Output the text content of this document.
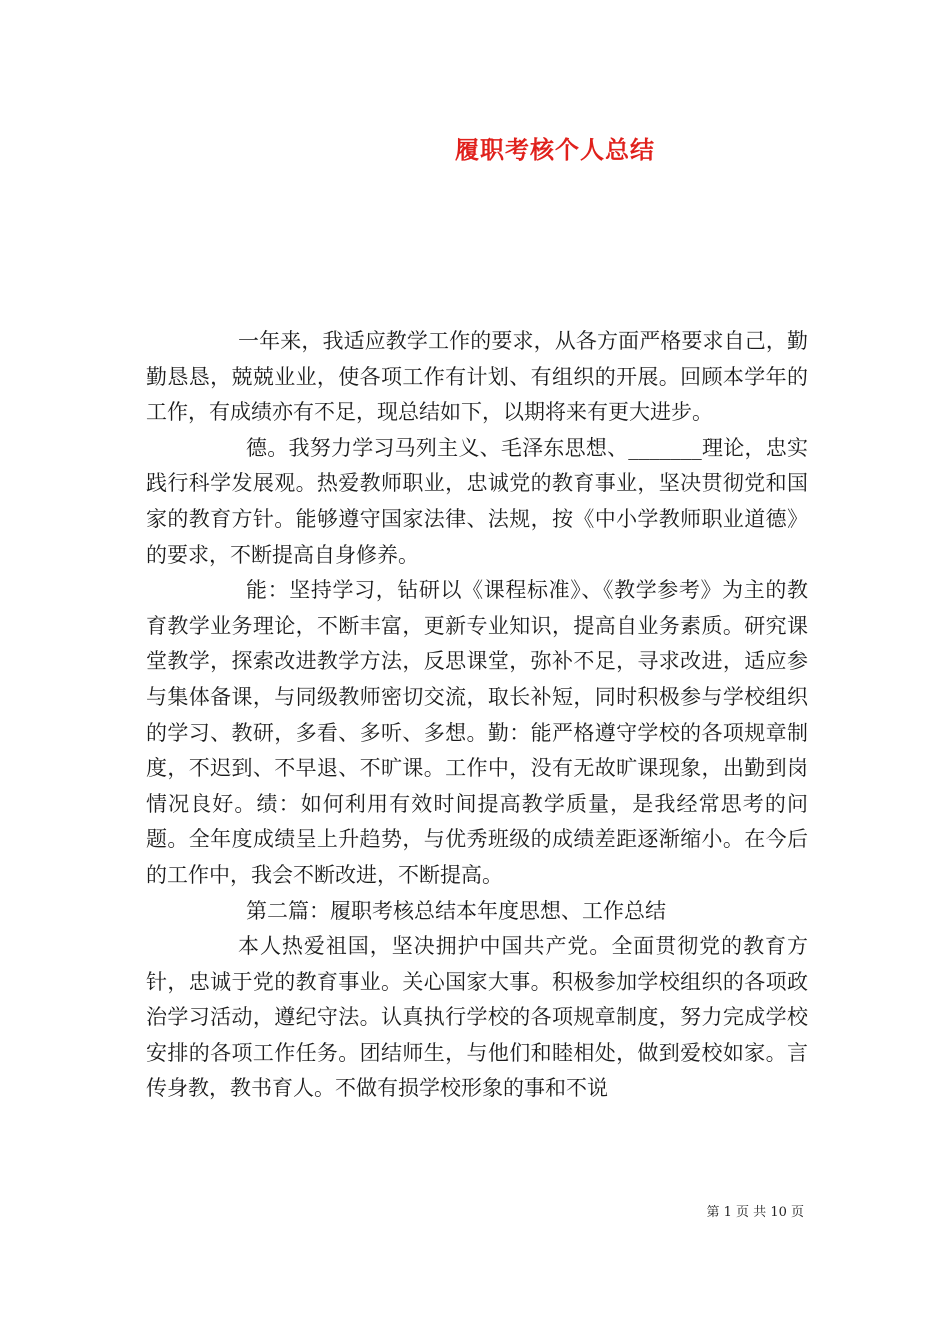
履职考核个人总结

一年来，我适应教学工作的要求，从各方面严格要求自己，勤勤恳恳，兢兢业业，使各项工作有计划、有组织的开展。回顾本学年的工作，有成绩亦有不足，现总结如下，以期将来有更大进步。

德。我努力学习马列主义、毛泽东思想、_______理论，忠实践行科学发展观。热爱教师职业，忠诚党的教育事业，坚决贯彻党和国家的教育方针。能够遵守国家法律、法规，按《中小学教师职业道德》的要求，不断提高自身修养。

能：坚持学习，钻研以《课程标准》、《教学参考》为主的教育教学业务理论，不断丰富，更新专业知识，提高自业务素质。研究课堂教学，探索改进教学方法，反思课堂，弥补不足，寻求改进，适应参与集体备课，与同级教师密切交流，取长补短，同时积极参与学校组织的学习、教研，多看、多听、多想。勤：能严格遵守学校的各项规章制度，不迟到、不早退、不旷课。工作中，没有无故旷课现象，出勤到岗情况良好。绩：如何利用有效时间提高教学质量，是我经常思考的问题。全年度成绩呈上升趋势，与优秀班级的成绩差距逐渐缩小。在今后的工作中，我会不断改进，不断提高。

第二篇：履职考核总结本年度思想、工作总结

本人热爱祖国，坚决拥护中国共产党。全面贯彻党的教育方针，忠诚于党的教育事业。关心国家大事。积极参加学校组织的各项政治学习活动，遵纪守法。认真执行学校的各项规章制度，努力完成学校安排的各项工作任务。团结师生，与他们和睦相处，做到爱校如家。言传身教，教书育人。不做有损学校形象的事和不说

第 1 页 共 10 页
